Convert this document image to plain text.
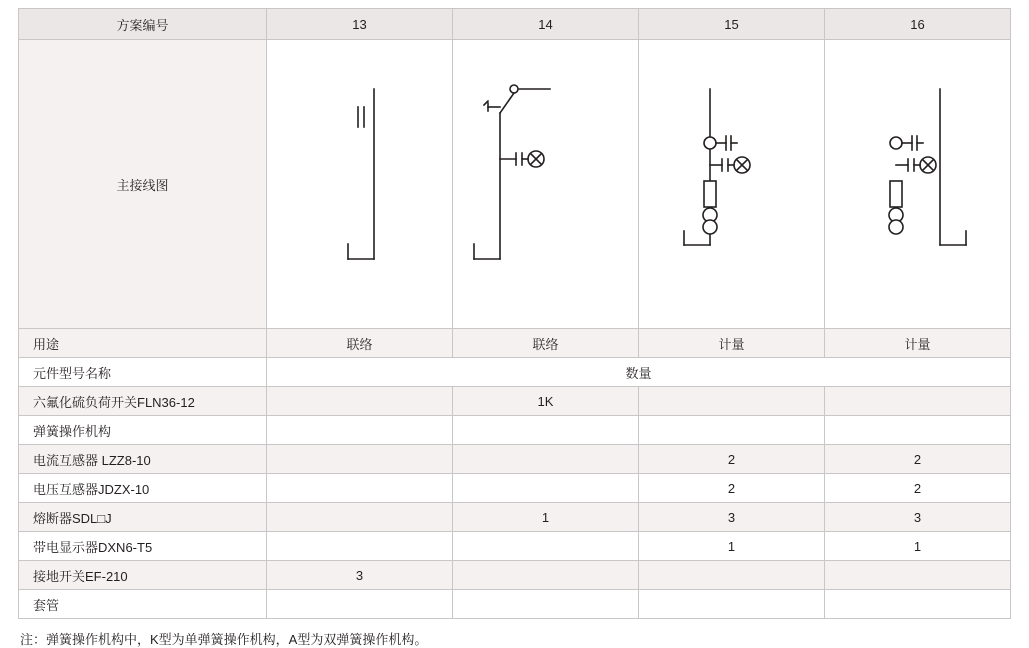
方案编号	13	14	15	16
主接线图	

用途	联络	联络	计量	计量
元件型号名称	数量			
六氟化硫负荷开关FLN36-12		1K		
弹簧操作机构				
电流互感器 LZZ8-10			2	2
电压互感器JDZX-10			2	2
熔断器SDL□J		1	3	3
带电显示器DXN6-T5			1	1
接地开关EF-210	3			
套管				
注：弹簧操作机构中，K型为单弹簧操作机构，A型为双弹簧操作机构。
